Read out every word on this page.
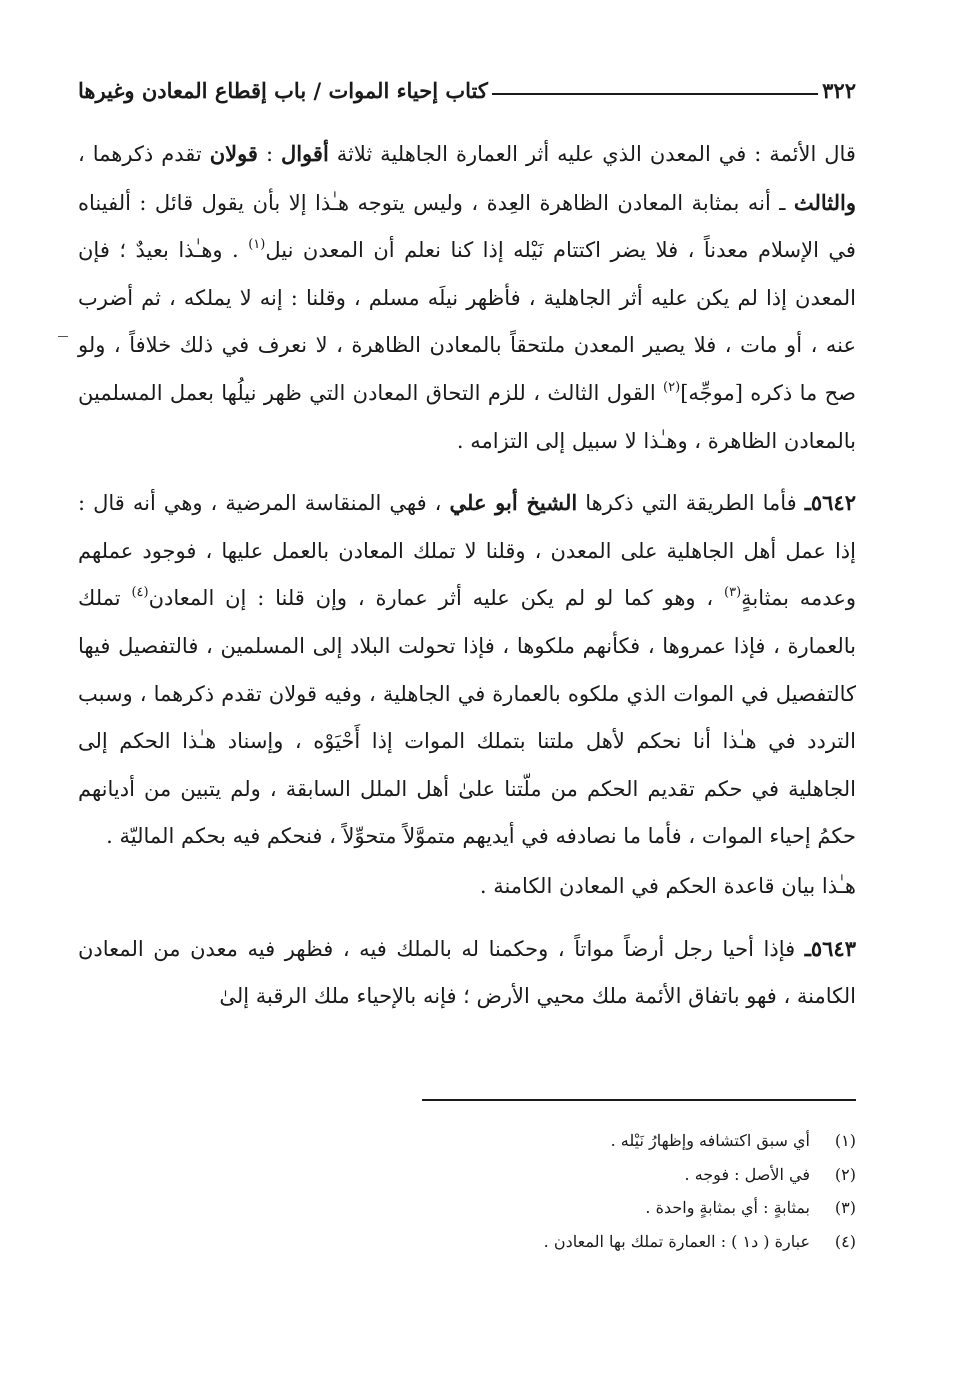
٣٢٢
كتاب إحياء الموات / باب إقطاع المعادن وغيرها

قال الأئمة : في المعدن الذي عليه أثر العمارة الجاهلية ثلاثة أقوال : قولان تقدم ذكرهما ، والثالث ـ أنه بمثابة المعادن الظاهرة العِدة ، وليس يتوجه هـٰذا إلا بأن يقول قائل : ألفيناه في الإسلام معدناً ، فلا يضر اكتتام نَيْله إذا كنا نعلم أن المعدن نيل$^{(١)}$ . وهـٰذا بعيدٌ ؛ فإن المعدن إذا لم يكن عليه أثر الجاهلية ، فأظهر نيلَه مسلم ، وقلنا : إنه لا يملكه ، ثم أضرب عنه ، أو مات ، فلا يصير المعدن ملتحقاً بالمعادن الظاهرة ، لا نعرف في ذلك خلافاً ، ولو صح ما ذكره [موجِّه]$^{(٢)}$ القول الثالث ، للزم التحاق المعادن التي ظهر نيلُها بعمل المسلمين بالمعادن الظاهرة ، وهـٰذا لا سبيل إلى التزامه .

٥٦٤٢ـ فأما الطريقة التي ذكرها الشيخ أبو علي ، فهي المنقاسة المرضية ، وهي أنه قال : إذا عمل أهل الجاهلية على المعدن ، وقلنا لا تملك المعادن بالعمل عليها ، فوجود عملهم وعدمه بمثابةٍ$^{(٣)}$ ، وهو كما لو لم يكن عليه أثر عمارة ، وإن قلنا : إن المعادن$^{(٤)}$ تملك بالعمارة ، فإذا عمروها ، فكأنهم ملكوها ، فإذا تحولت البلاد إلى المسلمين ، فالتفصيل فيها كالتفصيل في الموات الذي ملكوه بالعمارة في الجاهلية ، وفيه قولان تقدم ذكرهما ، وسبب التردد في هـٰذا أنا نحكم لأهل ملتنا بتملك الموات إذا أَحْيَوْه ، وإسناد هـٰذا الحكم إلى الجاهلية في حكم تقديم الحكم من ملّتنا علىٰ أهل الملل السابقة ، ولم يتبين من أديانهم حكمُ إحياء الموات ، فأما ما نصادفه في أيديهم متموَّلاً متحوِّلاً ، فنحكم فيه بحكم الماليّة .

هـٰذا بيان قاعدة الحكم في المعادن الكامنة .

٥٦٤٣ـ فإذا أحيا رجل أرضاً مواتاً ، وحكمنا له بالملك فيه ، فظهر فيه معدن من المعادن الكامنة ، فهو باتفاق الأئمة ملك محيي الأرض ؛ فإنه بالإحياء ملك الرقبة إلىٰ

(١)
أي سبق اكتشافه وإظهارُ نَيْله .
(٢)
في الأصل : فوجه .
(٣)
بمثابةٍ : أي بمثابةٍ واحدة .
(٤)
عبارة ( د١ ) : العمارة تملك بها المعادن .
